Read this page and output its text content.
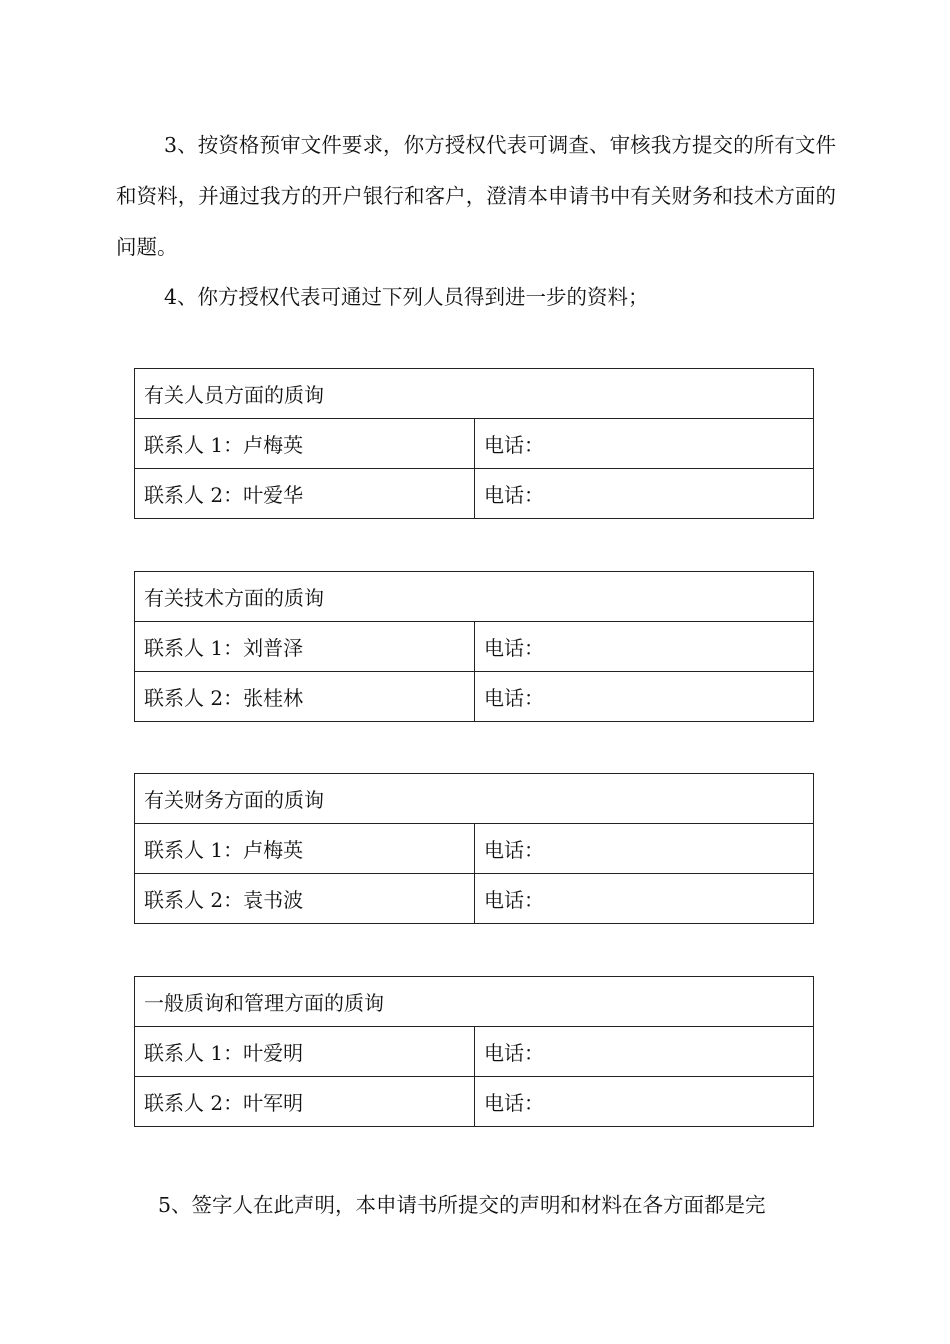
3、按资格预审文件要求，你方授权代表可调查、审核我方提交的所有文件和资料，并通过我方的开户银行和客户，澄清本申请书中有关财务和技术方面的问题。

4、你方授权代表可通过下列人员得到进一步的资料；

有关人员方面的质询	
联系人 1：卢梅英	电话：
联系人 2：叶爱华	电话：
有关技术方面的质询	
联系人 1：刘普泽	电话：
联系人 2：张桂林	电话：
有关财务方面的质询	
联系人 1：卢梅英	电话：
联系人 2：袁书波	电话：
一般质询和管理方面的质询	
联系人 1：叶爱明	电话：
联系人 2：叶军明	电话：

5、签字人在此声明，本申请书所提交的声明和材料在各方面都是完
